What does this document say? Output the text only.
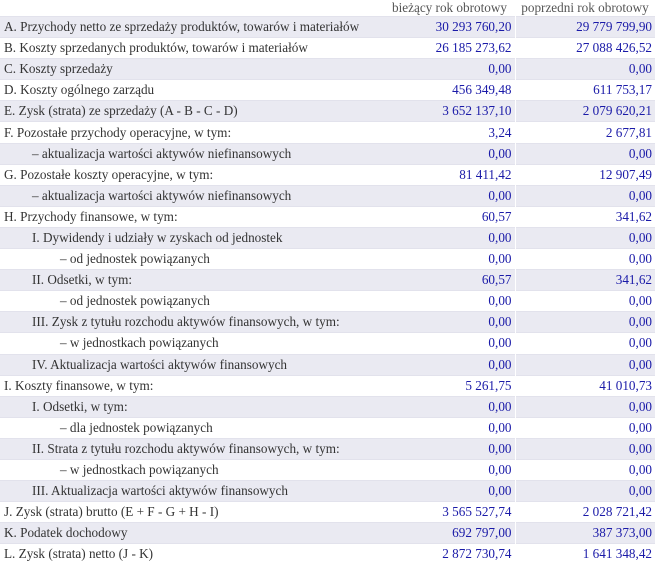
	bieżący rok obrotowy	poprzedni rok obrotowy
A. Przychody netto ze sprzedaży produktów, towarów i materiałów	30 293 760,20	29 779 799,90
B. Koszty sprzedanych produktów, towarów i materiałów	26 185 273,62	27 088 426,52
C. Koszty sprzedaży	0,00	0,00
D. Koszty ogólnego zarządu	456 349,48	611 753,17
E. Zysk (strata) ze sprzedaży (A - B - C - D)	3 652 137,10	2 079 620,21
F. Pozostałe przychody operacyjne, w tym:	3,24	2 677,81
– aktualizacja wartości aktywów niefinansowych	0,00	0,00
G. Pozostałe koszty operacyjne, w tym:	81 411,42	12 907,49
– aktualizacja wartości aktywów niefinansowych	0,00	0,00
H. Przychody finansowe, w tym:	60,57	341,62
I. Dywidendy i udziały w zyskach od jednostek	0,00	0,00
– od jednostek powiązanych	0,00	0,00
II. Odsetki, w tym:	60,57	341,62
– od jednostek powiązanych	0,00	0,00
III. Zysk z tytułu rozchodu aktywów finansowych, w tym:	0,00	0,00
– w jednostkach powiązanych	0,00	0,00
IV. Aktualizacja wartości aktywów finansowych	0,00	0,00
I. Koszty finansowe, w tym:	5 261,75	41 010,73
I. Odsetki, w tym:	0,00	0,00
– dla jednostek powiązanych	0,00	0,00
II. Strata z tytułu rozchodu aktywów finansowych, w tym:	0,00	0,00
– w jednostkach powiązanych	0,00	0,00
III. Aktualizacja wartości aktywów finansowych	0,00	0,00
J. Zysk (strata) brutto (E + F - G + H - I)	3 565 527,74	2 028 721,42
K. Podatek dochodowy	692 797,00	387 373,00
L. Zysk (strata) netto (J - K)	2 872 730,74	1 641 348,42
